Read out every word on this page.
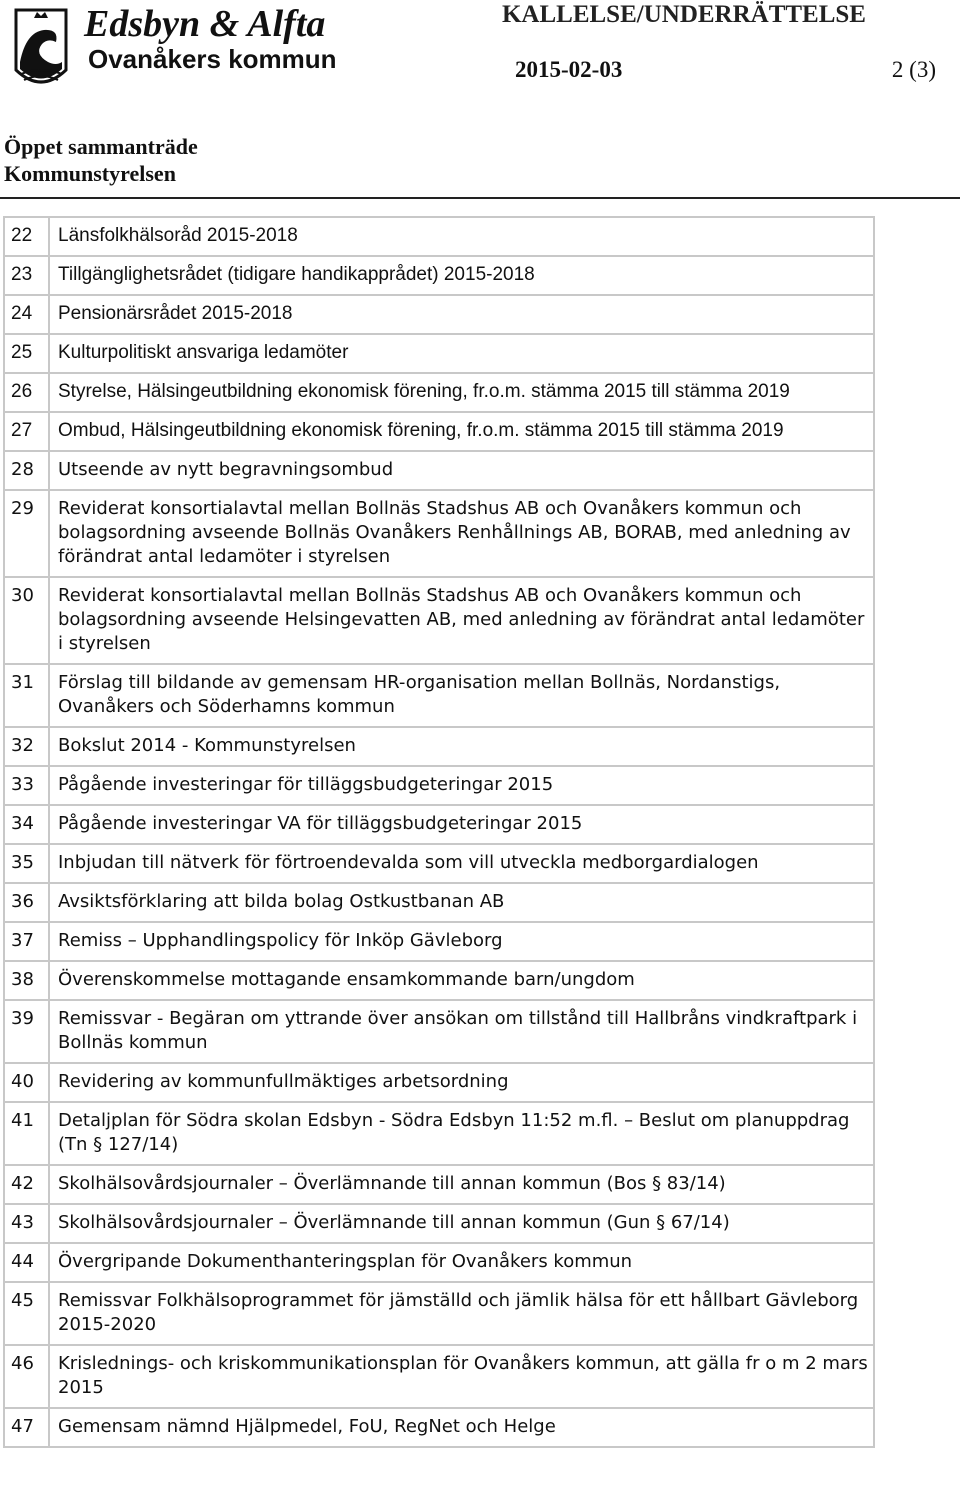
Edsbyn & Alfta
Ovanåkers kommun
KALLELSE/UNDERRÄTTELSE
2015-02-03	2 (3)
Öppet sammanträde
Kommunstyrelsen
22	Länsfolkhälsoråd 2015-2018
23	Tillgänglighetsrådet (tidigare handikapprådet) 2015-2018
24	Pensionärsrådet 2015-2018
25	Kulturpolitiskt ansvariga ledamöter
26	Styrelse, Hälsingeutbildning ekonomisk förening, fr.o.m. stämma 2015 till stämma 2019
27	Ombud, Hälsingeutbildning ekonomisk förening, fr.o.m. stämma 2015 till stämma 2019
28	Utseende av nytt begravningsombud
29	Reviderat konsortialavtal mellan Bollnäs Stadshus AB och Ovanåkers kommun och bolagsordning avseende Bollnäs Ovanåkers Renhållnings AB, BORAB, med anledning av förändrat antal ledamöter i styrelsen
30	Reviderat konsortialavtal mellan Bollnäs Stadshus AB och Ovanåkers kommun och bolagsordning avseende Helsingevatten AB, med anledning av förändrat antal ledamöter i styrelsen
31	Förslag till bildande av gemensam HR-organisation mellan Bollnäs, Nordanstigs, Ovanåkers och Söderhamns kommun
32	Bokslut 2014 - Kommunstyrelsen
33	Pågående investeringar för tilläggsbudgeteringar 2015
34	Pågående investeringar VA för tilläggsbudgeteringar 2015
35	Inbjudan till nätverk för förtroendevalda som vill utveckla medborgardialogen
36	Avsiktsförklaring att bilda bolag Ostkustbanan AB
37	Remiss – Upphandlingspolicy för Inköp Gävleborg
38	Överenskommelse mottagande ensamkommande barn/ungdom
39	Remissvar - Begäran om yttrande över ansökan om tillstånd till Hallbråns vindkraftpark i Bollnäs kommun
40	Revidering av kommunfullmäktiges arbetsordning
41	Detaljplan för Södra skolan Edsbyn - Södra Edsbyn 11:52 m.fl. – Beslut om planuppdrag (Tn § 127/14)
42	Skolhälsovårdsjournaler – Överlämnande till annan kommun (Bos § 83/14)
43	Skolhälsovårdsjournaler – Överlämnande till annan kommun (Gun § 67/14)
44	Övergripande Dokumenthanteringsplan för Ovanåkers kommun
45	Remissvar Folkhälsoprogrammet för jämställd och jämlik hälsa för ett hållbart Gävleborg 2015-2020
46	Krislednings- och kriskommunikationsplan för Ovanåkers kommun, att gälla fr o m 2 mars 2015
47	Gemensam nämnd Hjälpmedel, FoU, RegNet och Helge
